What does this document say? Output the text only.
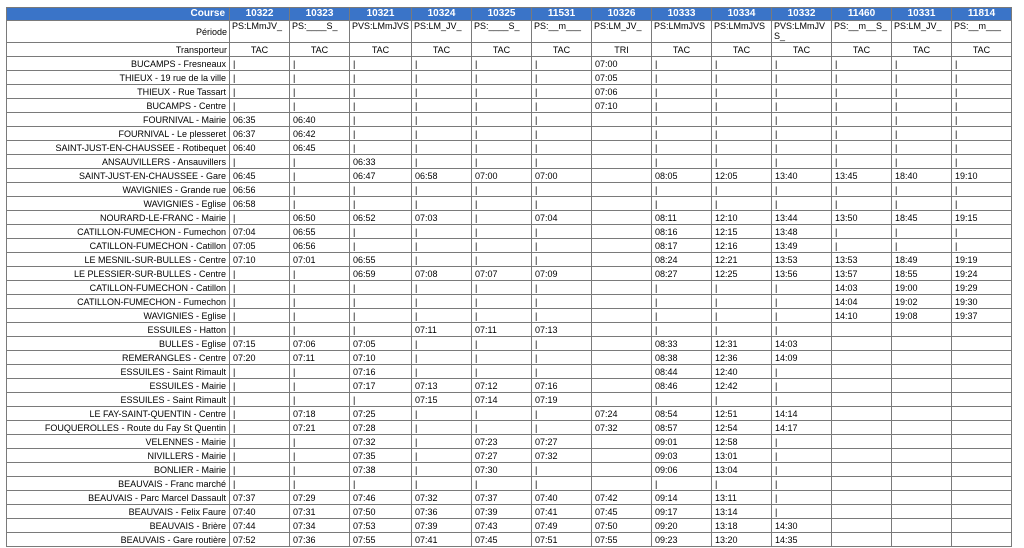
Course	10322	10323	10321	10324	10325	11531	10326	10333	10334	10332	11460	10331	11814
Période	PS:LMmJV_	PS:____S_	PVS:LMmJVS	PS:LM_JV_	PS:____S_	PS:__m___	PS:LM_JV_	PS:LMmJVS	PS:LMmJVS	PVS:LMmJV S_	PS:__m__S_	PS:LM_JV_	PS:__m___
Transporteur	TAC	TAC	TAC	TAC	TAC	TAC	TRI	TAC	TAC	TAC	TAC	TAC	TAC
BUCAMPS - Fresneaux	|	|	|	|	|	|	07:00	|	|	|	|	|	|
THIEUX - 19 rue de la ville	|	|	|	|	|	|	07:05	|	|	|	|	|	|
THIEUX - Rue Tassart	|	|	|	|	|	|	07:06	|	|	|	|	|	|
BUCAMPS - Centre	|	|	|	|	|	|	07:10	|	|	|	|	|	|
FOURNIVAL - Mairie	06:35	06:40	|	|	|	|		|	|	|	|	|	|
FOURNIVAL - Le plesseret	06:37	06:42	|	|	|	|		|	|	|	|	|	|
SAINT-JUST-EN-CHAUSSEE - Rotibequet	06:40	06:45	|	|	|	|		|	|	|	|	|	|
ANSAUVILLERS - Ansauvillers	|	|	06:33	|	|	|		|	|	|	|	|	|
SAINT-JUST-EN-CHAUSSEE - Gare	06:45	|	06:47	06:58	07:00	07:00		08:05	12:05	13:40	13:45	18:40	19:10
WAVIGNIES - Grande rue	06:56	|	|	|	|	|		|	|	|	|	|	|
WAVIGNIES - Eglise	06:58	|	|	|	|	|		|	|	|	|	|	|
NOURARD-LE-FRANC - Mairie	|	06:50	06:52	07:03	|	07:04		08:11	12:10	13:44	13:50	18:45	19:15
CATILLON-FUMECHON - Fumechon	07:04	06:55	|	|	|	|		08:16	12:15	13:48	|	|	|
CATILLON-FUMECHON - Catillon	07:05	06:56	|	|	|	|		08:17	12:16	13:49	|	|	|
LE MESNIL-SUR-BULLES - Centre	07:10	07:01	06:55	|	|	|		08:24	12:21	13:53	13:53	18:49	19:19
LE PLESSIER-SUR-BULLES - Centre	|	|	06:59	07:08	07:07	07:09		08:27	12:25	13:56	13:57	18:55	19:24
CATILLON-FUMECHON - Catillon	|	|	|	|	|	|		|	|	|	14:03	19:00	19:29
CATILLON-FUMECHON - Fumechon	|	|	|	|	|	|		|	|	|	14:04	19:02	19:30
WAVIGNIES - Eglise	|	|	|	|	|	|		|	|	|	14:10	19:08	19:37
ESSUILES - Hatton	|	|	|	07:11	07:11	07:13		|	|	|			
BULLES - Eglise	07:15	07:06	07:05	|	|	|		08:33	12:31	14:03			
REMERANGLES - Centre	07:20	07:11	07:10	|	|	|		08:38	12:36	14:09			
ESSUILES - Saint Rimault	|	|	07:16	|	|	|		08:44	12:40	|			
ESSUILES - Mairie	|	|	07:17	07:13	07:12	07:16		08:46	12:42	|			
ESSUILES - Saint Rimault	|	|	|	07:15	07:14	07:19		|	|	|			
LE FAY-SAINT-QUENTIN - Centre	|	07:18	07:25	|	|	|	07:24	08:54	12:51	14:14			
FOUQUEROLLES - Route du Fay St Quentin	|	07:21	07:28	|	|	|	07:32	08:57	12:54	14:17			
VELENNES - Mairie	|	|	07:32	|	07:23	07:27		09:01	12:58	|			
NIVILLERS - Mairie	|	|	07:35	|	07:27	07:32		09:03	13:01	|			
BONLIER - Mairie	|	|	07:38	|	07:30	|		09:06	13:04	|			
BEAUVAIS - Franc marché	|	|	|	|	|	|		|	|	|			
BEAUVAIS - Parc Marcel Dassault	07:37	07:29	07:46	07:32	07:37	07:40	07:42	09:14	13:11	|			
BEAUVAIS - Felix Faure	07:40	07:31	07:50	07:36	07:39	07:41	07:45	09:17	13:14	|			
BEAUVAIS - Brière	07:44	07:34	07:53	07:39	07:43	07:49	07:50	09:20	13:18	14:30			
BEAUVAIS - Gare routière	07:52	07:36	07:55	07:41	07:45	07:51	07:55	09:23	13:20	14:35			
